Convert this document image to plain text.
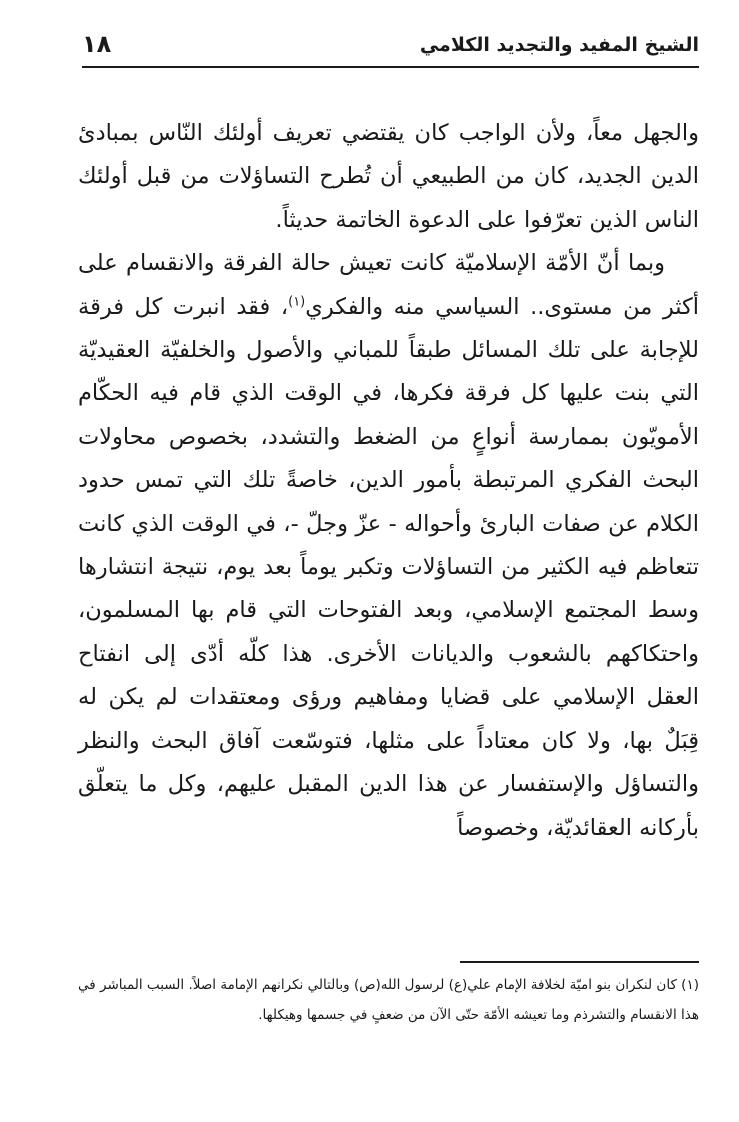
الشيخ المفيد والتجديد الكلامي
١٨

والجهل معاً، ولأن الواجب كان يقتضي تعريف أولئك النّاس بمبادئ الدين الجديد، كان من الطبيعي أن تُطرح التساؤلات من قبل أولئك الناس الذين تعرّفوا على الدعوة الخاتمة حديثاً.

وبما أنّ الأمّة الإسلاميّة كانت تعيش حالة الفرقة والانقسام على أكثر من مستوى.. السياسي منه والفكري$^{(١)}$، فقد انبرت كل فرقة للإجابة على تلك المسائل طبقاً للمباني والأصول والخلفيّة العقيديّة التي بنت عليها كل فرقة فكرها، في الوقت الذي قام فيه الحكّام الأمويّون بممارسة أنواعٍ من الضغط والتشدد، بخصوص محاولات البحث الفكري المرتبطة بأمور الدين، خاصةً تلك التي تمس حدود الكلام عن صفات البارئ وأحواله - عزّ وجلّ -، في الوقت الذي كانت تتعاظم فيه الكثير من التساؤلات وتكبر يوماً بعد يوم، نتيجة انتشارها وسط المجتمع الإسلامي، وبعد الفتوحات التي قام بها المسلمون، واحتكاكهم بالشعوب والديانات الأخرى. هذا كلّه أدّى إلى انفتاح العقل الإسلامي على قضايا ومفاهيم ورؤى ومعتقدات لم يكن له قِبَلٌ بها، ولا كان معتاداً على مثلها، فتوسّعت آفاق البحث والنظر والتساؤل والإستفسار عن هذا الدين المقبل عليهم، وكل ما يتعلّق بأركانه العقائديّة، وخصوصاً

(١) كان لنكران بنو اميّة لخلافة الإمام علي(ع) لرسول الله(ص) وبالتالي نكرانهم الإمامة اصلاً. السبب المباشر في هذا الانقسام والتشرذم وما تعيشه الأمّة حتّى الآن من ضعفٍ في جسمها وهيكلها.
